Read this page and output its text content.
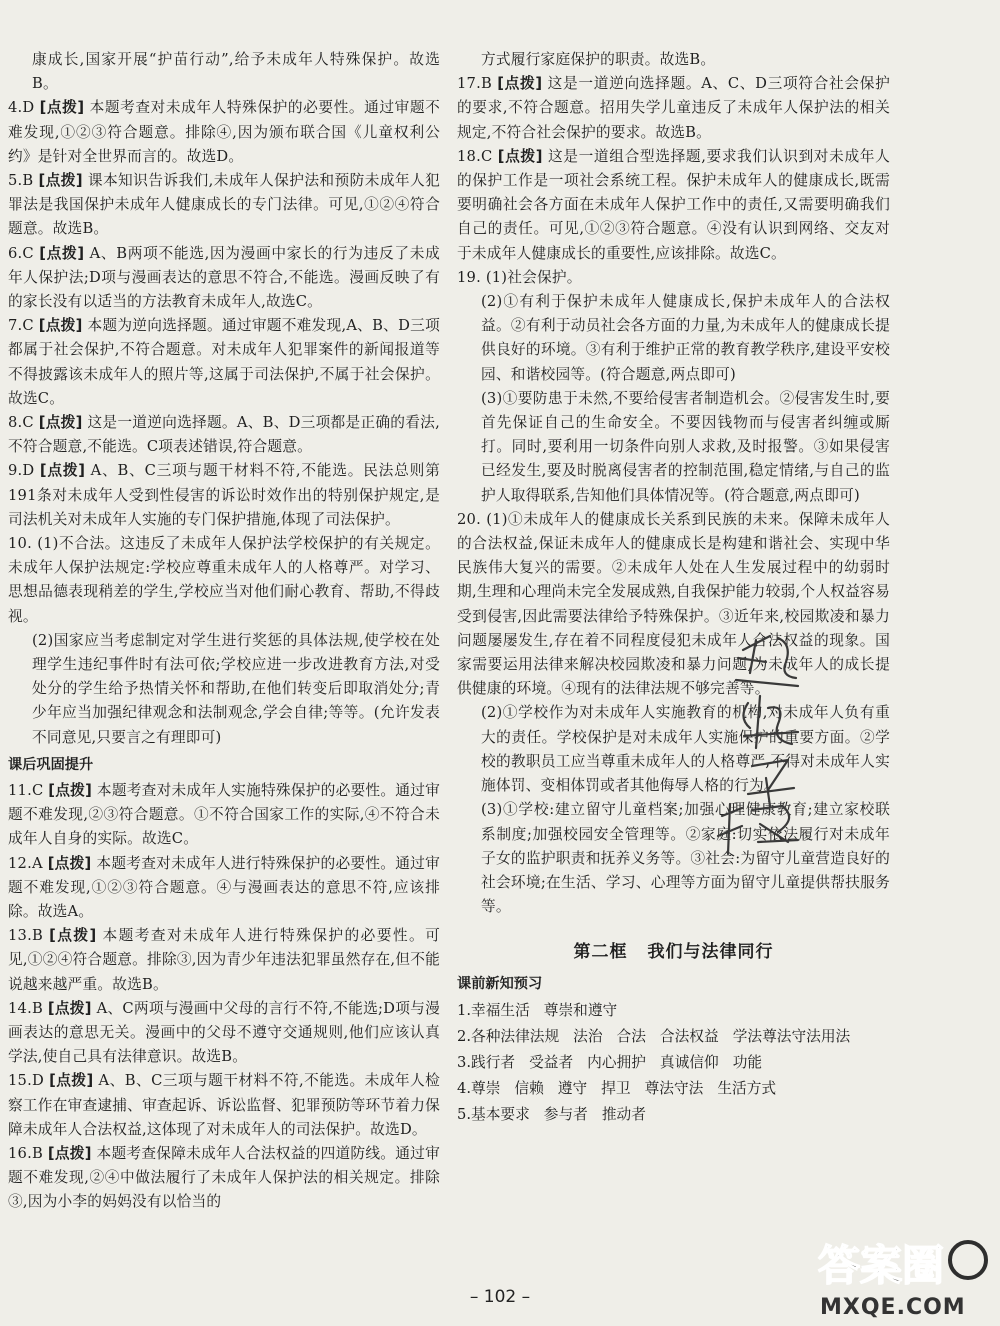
康成长,国家开展“护苗行动”,给予未成年人特殊保护。故选B。

4.D [点拨] 本题考查对未成年人特殊保护的必要性。通过审题不难发现,①②③符合题意。排除④,因为颁布联合国《儿童权利公约》是针对全世界而言的。故选D。

5.B [点拨] 课本知识告诉我们,未成年人保护法和预防未成年人犯罪法是我国保护未成年人健康成长的专门法律。可见,①②④符合题意。故选B。

6.C [点拨] A、B两项不能选,因为漫画中家长的行为违反了未成年人保护法;D项与漫画表达的意思不符合,不能选。漫画反映了有的家长没有以适当的方法教育未成年人,故选C。

7.C [点拨] 本题为逆向选择题。通过审题不难发现,A、B、D三项都属于社会保护,不符合题意。对未成年人犯罪案件的新闻报道等不得披露该未成年人的照片等,这属于司法保护,不属于社会保护。故选C。

8.C [点拨] 这是一道逆向选择题。A、B、D三项都是正确的看法,不符合题意,不能选。C项表述错误,符合题意。

9.D [点拨] A、B、C三项与题干材料不符,不能选。民法总则第191条对未成年人受到性侵害的诉讼时效作出的特别保护规定,是司法机关对未成年人实施的专门保护措施,体现了司法保护。

10. (1)不合法。这违反了未成年人保护法学校保护的有关规定。未成年人保护法规定:学校应尊重未成年人的人格尊严。对学习、思想品德表现稍差的学生,学校应当对他们耐心教育、帮助,不得歧视。

(2)国家应当考虑制定对学生进行奖惩的具体法规,使学校在处理学生违纪事件时有法可依;学校应进一步改进教育方法,对受处分的学生给予热情关怀和帮助,在他们转变后即取消处分;青少年应当加强纪律观念和法制观念,学会自律;等等。(允许发表不同意见,只要言之有理即可)

课后巩固提升

11.C [点拨] 本题考查对未成年人实施特殊保护的必要性。通过审题不难发现,②③符合题意。①不符合国家工作的实际,④不符合未成年人自身的实际。故选C。

12.A [点拨] 本题考查对未成年人进行特殊保护的必要性。通过审题不难发现,①②③符合题意。④与漫画表达的意思不符,应该排除。故选A。

13.B [点拨] 本题考查对未成年人进行特殊保护的必要性。可见,①②④符合题意。排除③,因为青少年违法犯罪虽然存在,但不能说越来越严重。故选B。

14.B [点拨] A、C两项与漫画中父母的言行不符,不能选;D项与漫画表达的意思无关。漫画中的父母不遵守交通规则,他们应该认真学法,使自己具有法律意识。故选B。

15.D [点拨] A、B、C三项与题干材料不符,不能选。未成年人检察工作在审查逮捕、审查起诉、诉讼监督、犯罪预防等环节着力保障未成年人合法权益,这体现了对未成年人的司法保护。故选D。

16.B [点拨] 本题考查保障未成年人合法权益的四道防线。通过审题不难发现,②④中做法履行了未成年人保护法的相关规定。排除③,因为小李的妈妈没有以恰当的

方式履行家庭保护的职责。故选B。

17.B [点拨] 这是一道逆向选择题。A、C、D三项符合社会保护的要求,不符合题意。招用失学儿童违反了未成年人保护法的相关规定,不符合社会保护的要求。故选B。

18.C [点拨] 这是一道组合型选择题,要求我们认识到对未成年人的保护工作是一项社会系统工程。保护未成年人的健康成长,既需要明确社会各方面在未成年人保护工作中的责任,又需要明确我们自己的责任。可见,①②③符合题意。④没有认识到网络、交友对于未成年人健康成长的重要性,应该排除。故选C。

19. (1)社会保护。

(2)①有利于保护未成年人健康成长,保护未成年人的合法权益。②有利于动员社会各方面的力量,为未成年人的健康成长提供良好的环境。③有利于维护正常的教育教学秩序,建设平安校园、和谐校园等。(符合题意,两点即可)

(3)①要防患于未然,不要给侵害者制造机会。②侵害发生时,要首先保证自己的生命安全。不要因钱物而与侵害者纠缠或厮打。同时,要利用一切条件向别人求救,及时报警。③如果侵害已经发生,要及时脱离侵害者的控制范围,稳定情绪,与自己的监护人取得联系,告知他们具体情况等。(符合题意,两点即可)

20. (1)①未成年人的健康成长关系到民族的未来。保障未成年人的合法权益,保证未成年人的健康成长是构建和谐社会、实现中华民族伟大复兴的需要。②未成年人处在人生发展过程中的幼弱时期,生理和心理尚未完全发展成熟,自我保护能力较弱,个人权益容易受到侵害,因此需要法律给予特殊保护。③近年来,校园欺凌和暴力问题屡屡发生,存在着不同程度侵犯未成年人合法权益的现象。国家需要运用法律来解决校园欺凌和暴力问题,为未成年人的成长提供健康的环境。④现有的法律法规不够完善等。

(2)①学校作为对未成年人实施教育的机构,对未成年人负有重大的责任。学校保护是对未成年人实施保护的重要方面。②学校的教职员工应当尊重未成年人的人格尊严,不得对未成年人实施体罚、变相体罚或者其他侮辱人格的行为。

(3)①学校:建立留守儿童档案;加强心理健康教育;建立家校联系制度;加强校园安全管理等。②家庭:切实依法履行对未成年子女的监护职责和抚养义务等。③社会:为留守儿童营造良好的社会环境;在生活、学习、心理等方面为留守儿童提供帮扶服务等。

第二框 我们与法律同行
课前新知预习

1.幸福生活 尊崇和遵守

2.各种法律法规 法治 合法 合法权益 学法尊法守法用法

3.践行者 受益者 内心拥护 真诚信仰 功能

4.尊崇 信赖 遵守 捍卫 尊法守法 生活方式

5.基本要求 参与者 推动者

答案圈
MXQE.COM
– 102 –
